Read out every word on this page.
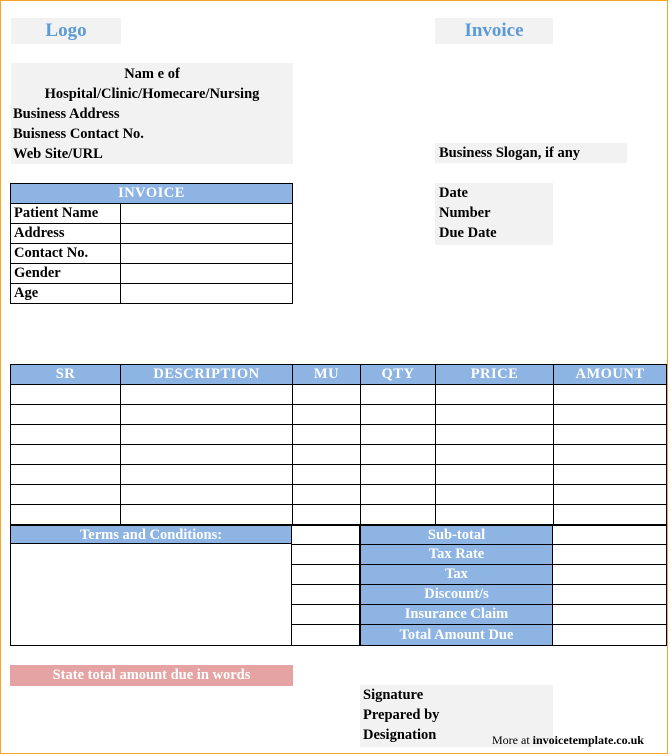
Logo	Invoice
Nam e of
Hospital/Clinic/Homecare/Nursing
Business Address
Buisness Contact No.
Web Site/URL	Business Slogan, if any
INVOICE	
Patient Name	
Address	
Contact No.	
Gender	
Age	
Date
Number
Due Date
SR	DESCRIPTION	MU	QTY	PRICE	AMOUNT

Terms and Conditions:	Sub-total
Tax Rate
Tax
Discount/s
Insurance Claim
Total Amount Due
State total amount due in words
Signature
Prepared by
Designation	More at invoicetemplate.co.uk
